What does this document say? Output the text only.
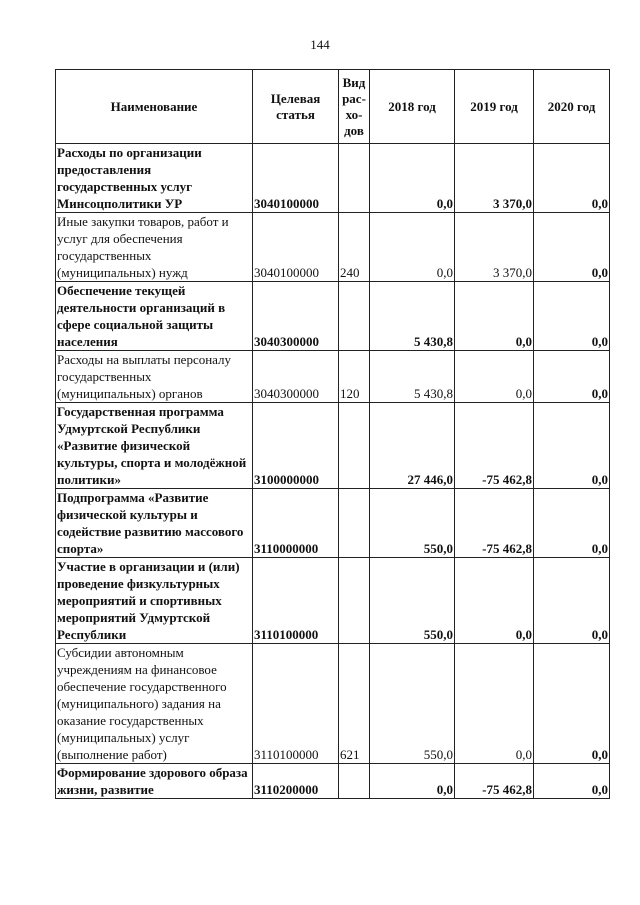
144
Наименование	Целевая статья	Вид рас-хо-дов	2018 год	2019 год	2020 год
Расходы по организации предоставления государственных услуг Минсоцполитики УР	3040100000		0,0	3 370,0	0,0
Иные закупки товаров, работ и услуг для обеспечения государственных (муниципальных) нужд	3040100000	240	0,0	3 370,0	0,0
Обеспечение текущей деятельности организаций в сфере социальной защиты населения	3040300000		5 430,8	0,0	0,0
Расходы на выплаты персоналу государственных (муниципальных) органов	3040300000	120	5 430,8	0,0	0,0
Государственная программа Удмуртской Республики «Развитие физической культуры, спорта и молодёжной политики»	3100000000		27 446,0	-75 462,8	0,0
Подпрограмма «Развитие физической культуры и содействие развитию массового спорта»	3110000000		550,0	-75 462,8	0,0
Участие в организации и (или) проведение физкультурных мероприятий и спортивных мероприятий Удмуртской Республики	3110100000		550,0	0,0	0,0
Субсидии автономным учреждениям на финансовое обеспечение государственного (муниципального) задания на оказание государственных (муниципальных) услуг (выполнение работ)	3110100000	621	550,0	0,0	0,0
Формирование здорового образа жизни, развитие	3110200000		0,0	-75 462,8	0,0
